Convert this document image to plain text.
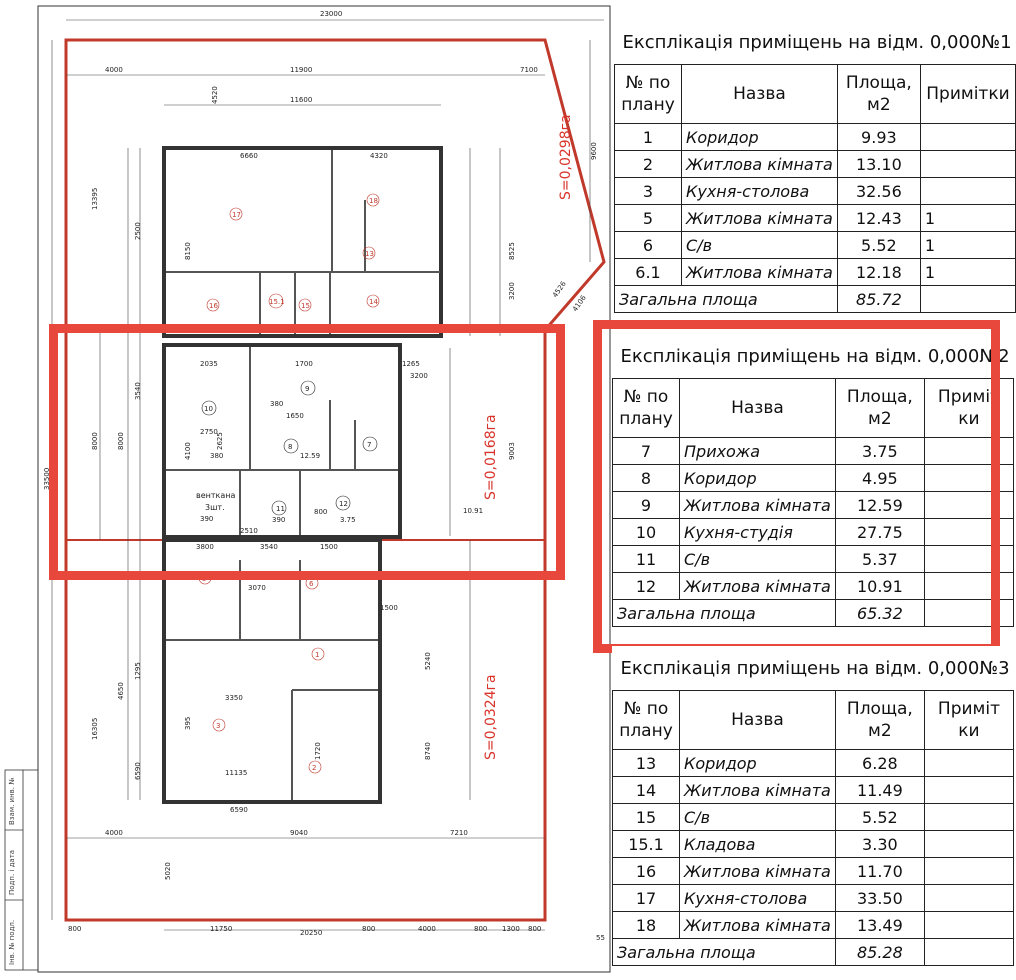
23000
4000	11900	7100
11600
6660	4320
20250
4000	9040	7210
800	11750	800	4000	800 1300 800
55
380
390
2035	1700	1265
3200
380
1650
2750
12.59
800
390
2510
3.75
10.91
3800	3540	1500
3350
11135
6590
3070
1500
33500
13395
8000	8000
16305
9600
8525
9003
4650
5020
4520
3200
8150
2500
3540
4100
2625
395
1720	8740
5240
6590
1295
4526
4106
S=0,0298га
S=0,0168га
S=0,0324га
венткана
3шт.
17
18
13
16	15.1 15	14
10
9
8	7
11
12
3
2
1
6
5
Взам. инв. №
Подп. і дата
Інв. № подл.
Експлікація приміщень на відм. 0,000№1			
№ по плану	Назва	Площа, м2	Примітки
1	Коридор	9.93	
2	Житлова кімната	13.10	
3	Кухня-столова	32.56	
5	Житлова кімната	12.43	1
6	С/в	5.52	1
6.1	Житлова кімната	12.18	1
Загальна площа		85.72	
Експлікація приміщень на відм. 0,000№2			
№ по плану	Назва	Площа, м2	Приміт ки
7	Прихожа	3.75	
8	Коридор	4.95	
9	Житлова кімната	12.59	
10	Кухня-студія	27.75	
11	С/в	5.37	
12	Житлова кімната	10.91	
Загальна площа		65.32	
Експлікація приміщень на відм. 0,000№3			
№ по плану	Назва	Площа, м2	Приміт ки
13	Коридор	6.28	
14	Житлова кімната	11.49	
15	С/в	5.52	
15.1	Кладова	3.30	
16	Житлова кімната	11.70	
17	Кухня-столова	33.50	
18	Житлова кімната	13.49	
Загальна площа		85.28	
